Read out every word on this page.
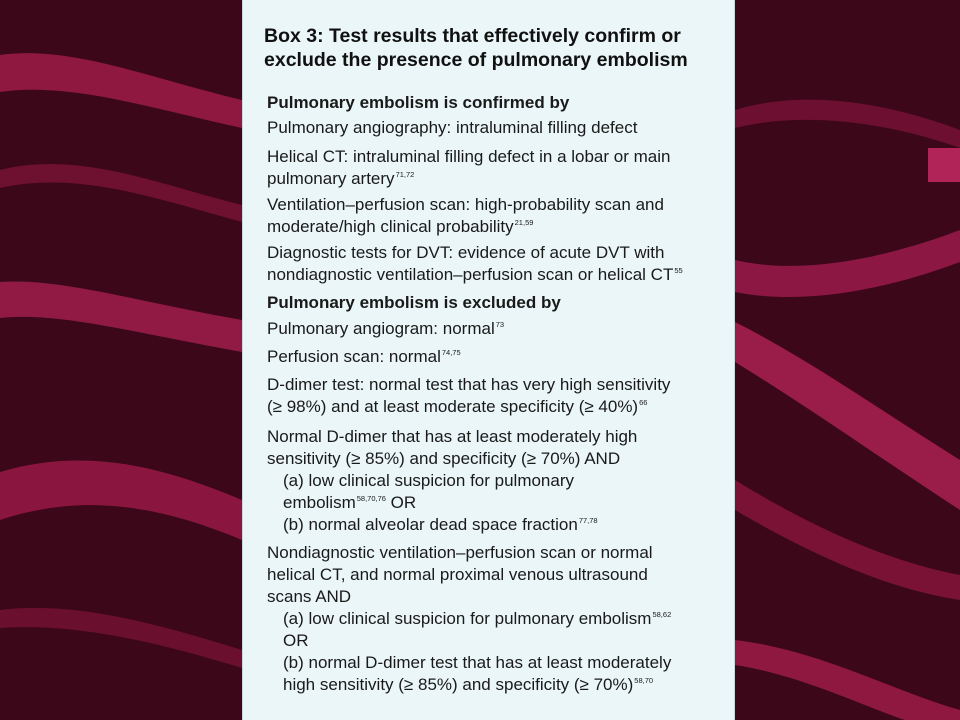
Box 3: Test results that effectively confirm or
exclude the presence of pulmonary embolism
Pulmonary embolism is confirmed by
Pulmonary angiography: intraluminal filling defect
Helical CT: intraluminal filling defect in a lobar or main
pulmonary artery$^{71,72}$
Ventilation–perfusion scan: high-probability scan and
moderate/high clinical probability$^{21,59}$
Diagnostic tests for DVT: evidence of acute DVT with
nondiagnostic ventilation–perfusion scan or helical CT$^{55}$
Pulmonary embolism is excluded by
Pulmonary angiogram: normal$^{73}$
Perfusion scan: normal$^{74,75}$
D-dimer test: normal test that has very high sensitivity
(≥ 98%) and at least moderate specificity (≥ 40%)$^{66}$
Normal D-dimer that has at least moderately high
sensitivity (≥ 85%) and specificity (≥ 70%) AND
(a) low clinical suspicion for pulmonary
embolism$^{58,70,76}$ OR
(b) normal alveolar dead space fraction$^{77,78}$
Nondiagnostic ventilation–perfusion scan or normal
helical CT, and normal proximal venous ultrasound
scans AND
(a) low clinical suspicion for pulmonary embolism$^{58,62}$
OR
(b) normal D-dimer test that has at least moderately
high sensitivity (≥ 85%) and specificity (≥ 70%)$^{58,70}$
